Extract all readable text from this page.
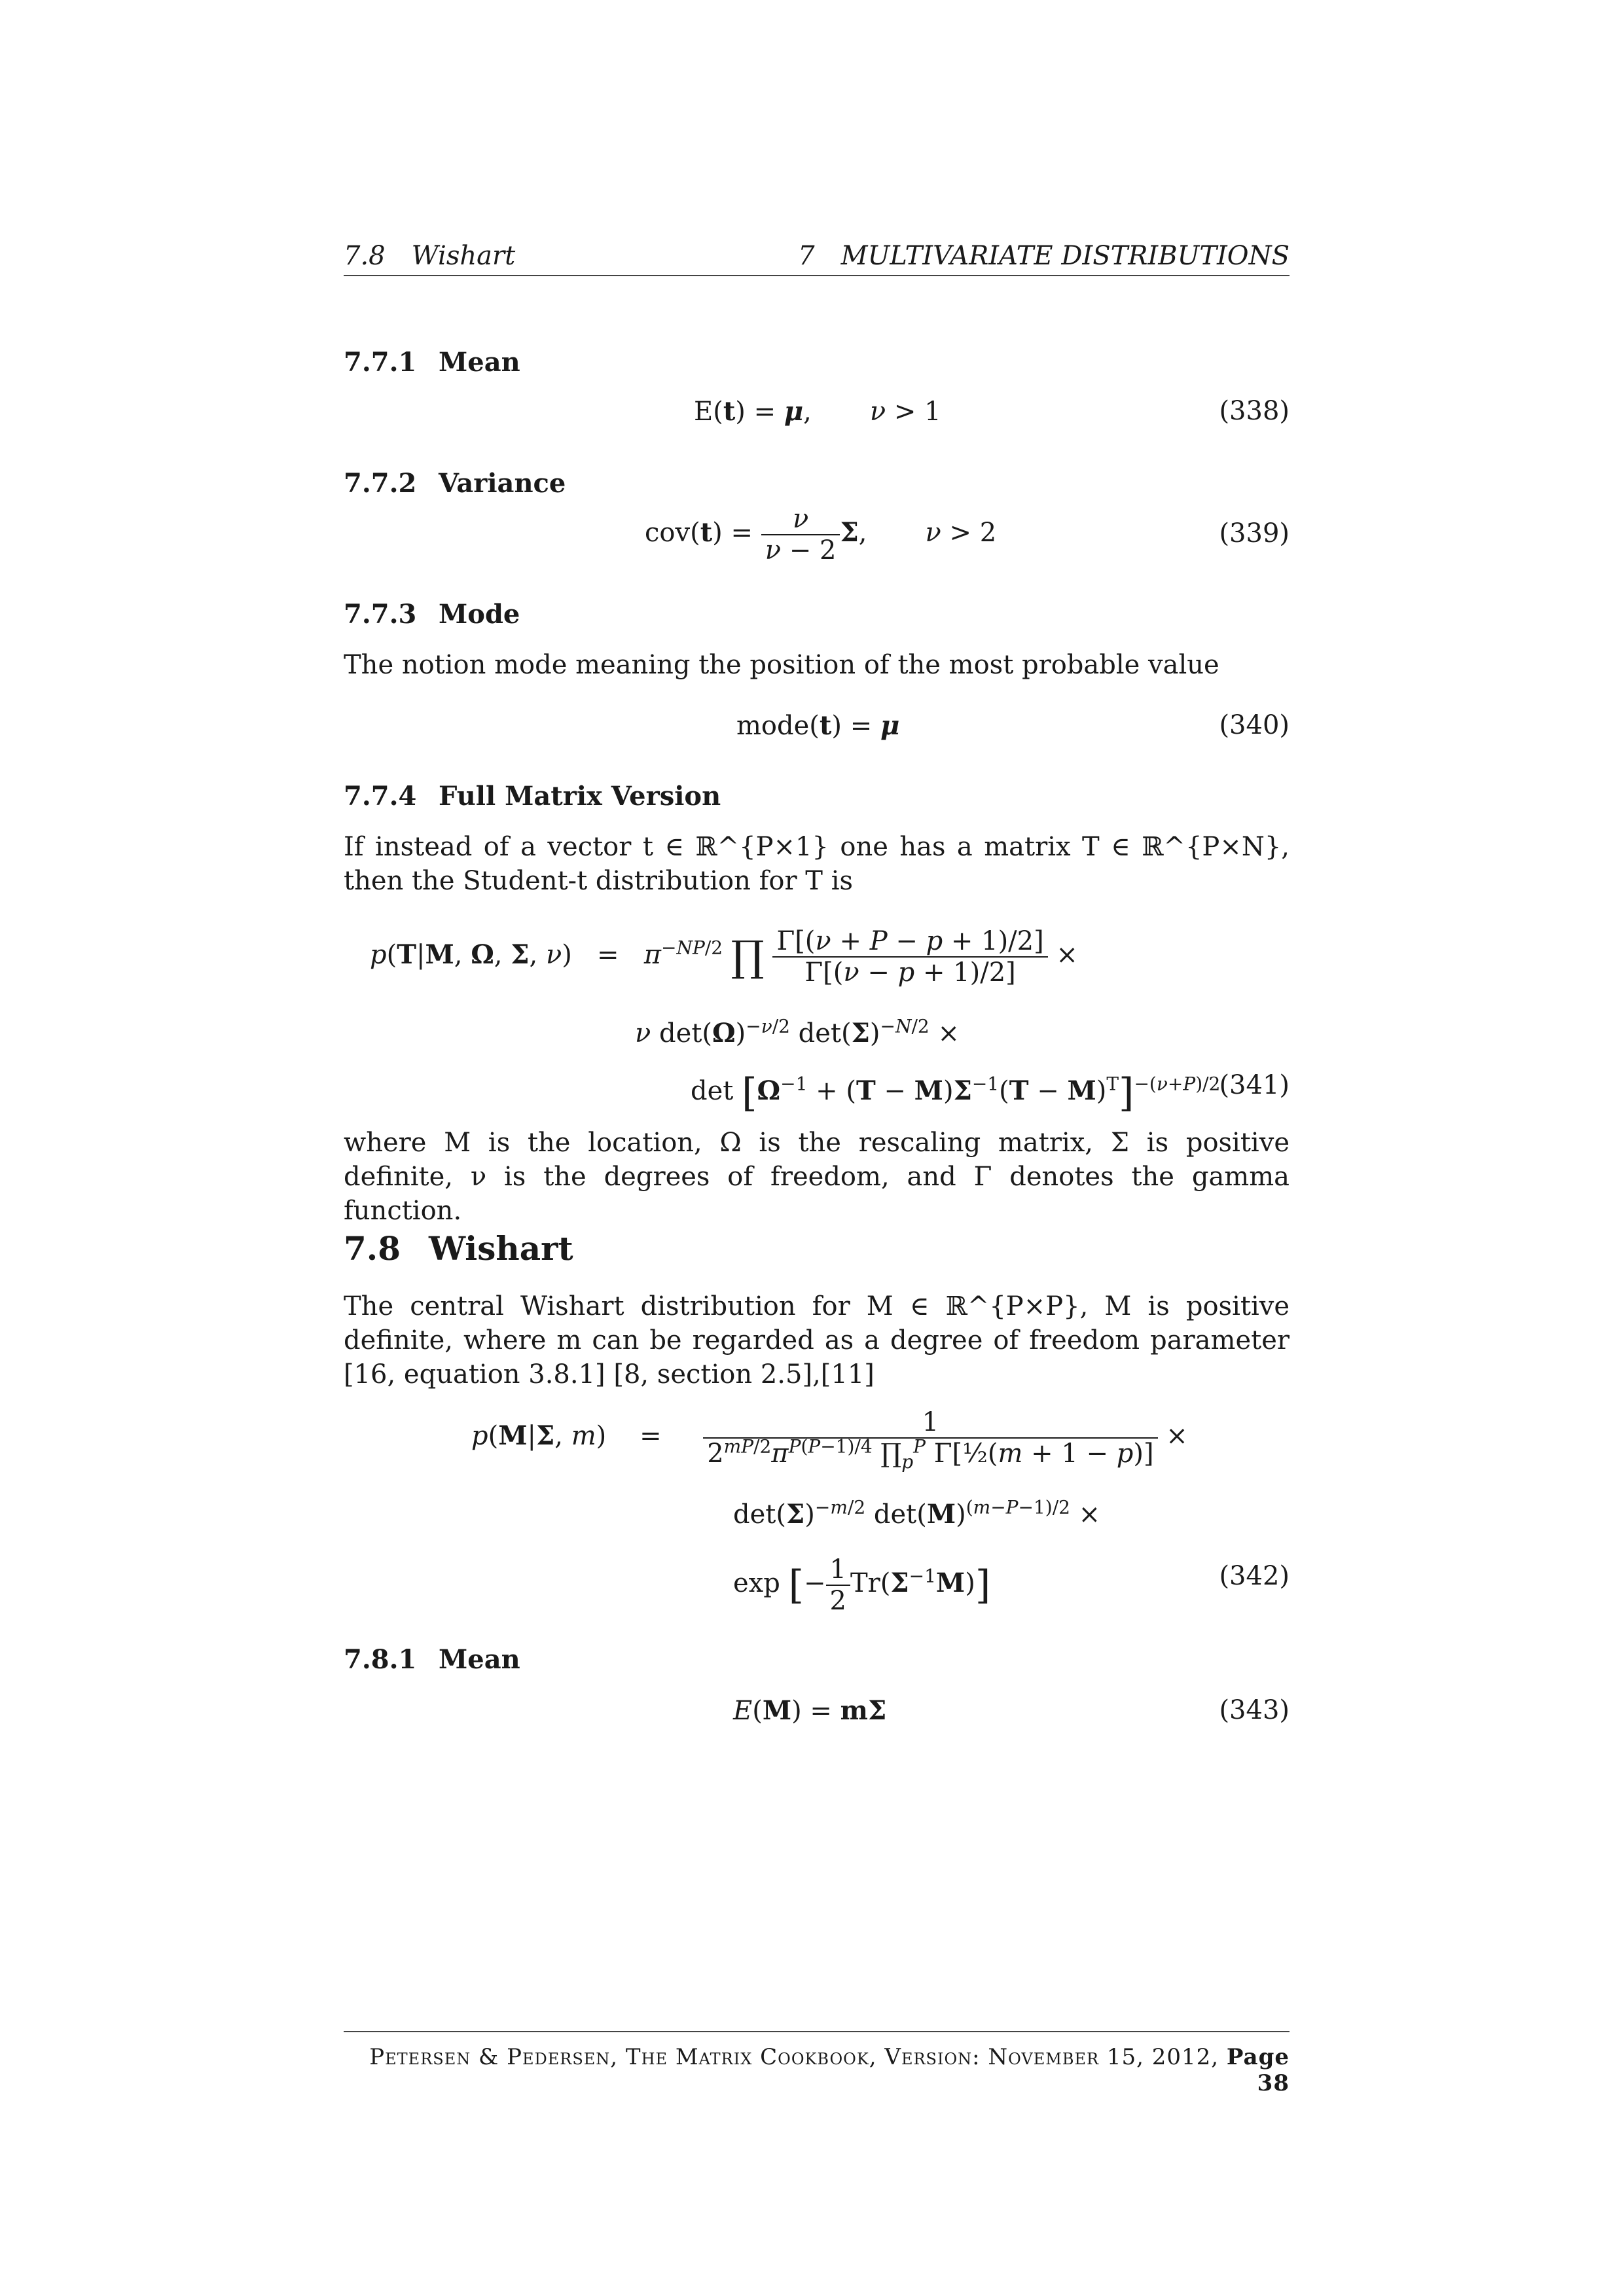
7.8 Wishart	7 MULTIVARIATE DISTRIBUTIONS
7.7.1 Mean
E(t) = μ,       ν > 1	(338)
7.7.2 Variance
$cov(t) = \frac{\nu}{\nu - 2} \Sigma$,       ν > 2	(339)
7.7.3 Mode
The notion mode meaning the position of the most probable value
mode(t) = μ	(340)
7.7.4 Full Matrix Version
If instead of a vector t ∈ ℝ^{P×1} one has a matrix T ∈ ℝ^{P×N}, then the Student-t distribution for T is
p(T|M, Ω, Σ, $\nu) = \pi^{-NP/2}$ ∏ $\frac{\Gamma[(\nu + P - p + 1)/2]}{\Gamma[(\nu - p + 1)/2]}$ ×
ν $\det(\Omega)^{-\nu/2}$ $\det(\Sigma)^{-N/2}$ ×
$\det [\Omega^{-1} + (T - M)\Sigma^{-1}(T - M)^T]^{-(\nu+P)/2}$
(341)
where M is the location, Ω is the rescaling matrix, Σ is positive definite, ν is the degrees of freedom, and Γ denotes the gamma function.
7.8 Wishart
The central Wishart distribution for M ∈ ℝ^{P×P}, M is positive definite, where m can be regarded as a degree of freedom parameter [16, equation 3.8.1] [8, section 2.5],[11]
p(M|Σ, m)    = $\frac{1}{2^{mP/2}\pi^{P(P-1)/4} \prod_p^P \Gamma[\frac{1}{2}(m + 1 - p)]}$ ×
$\det(\Sigma)^{-m/2}$ $\det(M)^{(m-P-1)/2}$ ×
exp [− $\frac{1}{2} Tr(\Sigma^{-1}M)$]	(342)
7.8.1 Mean
E(M) = mΣ	(343)
Petersen & Pedersen, The Matrix Cookbook, Version: November 15, 2012, Page 38
